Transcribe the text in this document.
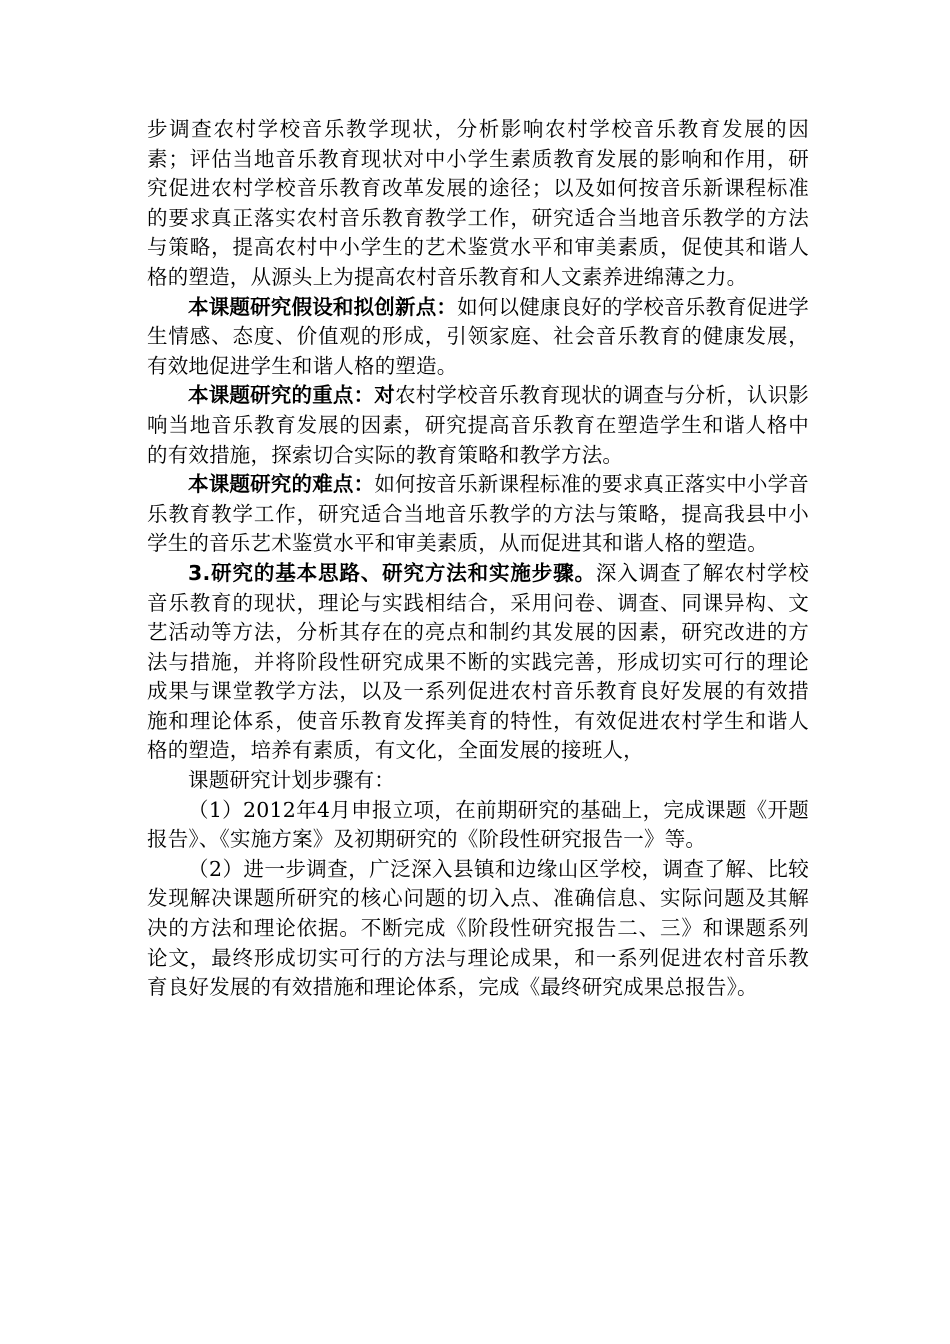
步调查农村学校音乐教学现状，分析影响农村学校音乐教育发展的因素；评估当地音乐教育现状对中小学生素质教育发展的影响和作用，研究促进农村学校音乐教育改革发展的途径；以及如何按音乐新课程标准的要求真正落实农村音乐教育教学工作，研究适合当地音乐教学的方法与策略，提高农村中小学生的艺术鉴赏水平和审美素质，促使其和谐人格的塑造，从源头上为提高农村音乐教育和人文素养进绵薄之力。

本课题研究假设和拟创新点：如何以健康良好的学校音乐教育促进学生情感、态度、价值观的形成，引领家庭、社会音乐教育的健康发展，有效地促进学生和谐人格的塑造。

本课题研究的重点：对农村学校音乐教育现状的调查与分析，认识影响当地音乐教育发展的因素，研究提高音乐教育在塑造学生和谐人格中的有效措施，探索切合实际的教育策略和教学方法。

本课题研究的难点：如何按音乐新课程标准的要求真正落实中小学音乐教育教学工作，研究适合当地音乐教学的方法与策略，提高我县中小学生的音乐艺术鉴赏水平和审美素质，从而促进其和谐人格的塑造。

3.研究的基本思路、研究方法和实施步骤。深入调查了解农村学校音乐教育的现状，理论与实践相结合，采用问卷、调查、同课异构、文艺活动等方法，分析其存在的亮点和制约其发展的因素，研究改进的方法与措施，并将阶段性研究成果不断的实践完善，形成切实可行的理论成果与课堂教学方法，以及一系列促进农村音乐教育良好发展的有效措施和理论体系，使音乐教育发挥美育的特性，有效促进农村学生和谐人格的塑造，培养有素质，有文化，全面发展的接班人，

课题研究计划步骤有：

（1）2012年4月申报立项，在前期研究的基础上，完成课题《开题报告》、《实施方案》及初期研究的《阶段性研究报告一》等。

（2）进一步调查，广泛深入县镇和边缘山区学校，调查了解、比较发现解决课题所研究的核心问题的切入点、准确信息、实际问题及其解决的方法和理论依据。不断完成《阶段性研究报告二、三》和课题系列论文，最终形成切实可行的方法与理论成果，和一系列促进农村音乐教育良好发展的有效措施和理论体系，完成《最终研究成果总报告》。
